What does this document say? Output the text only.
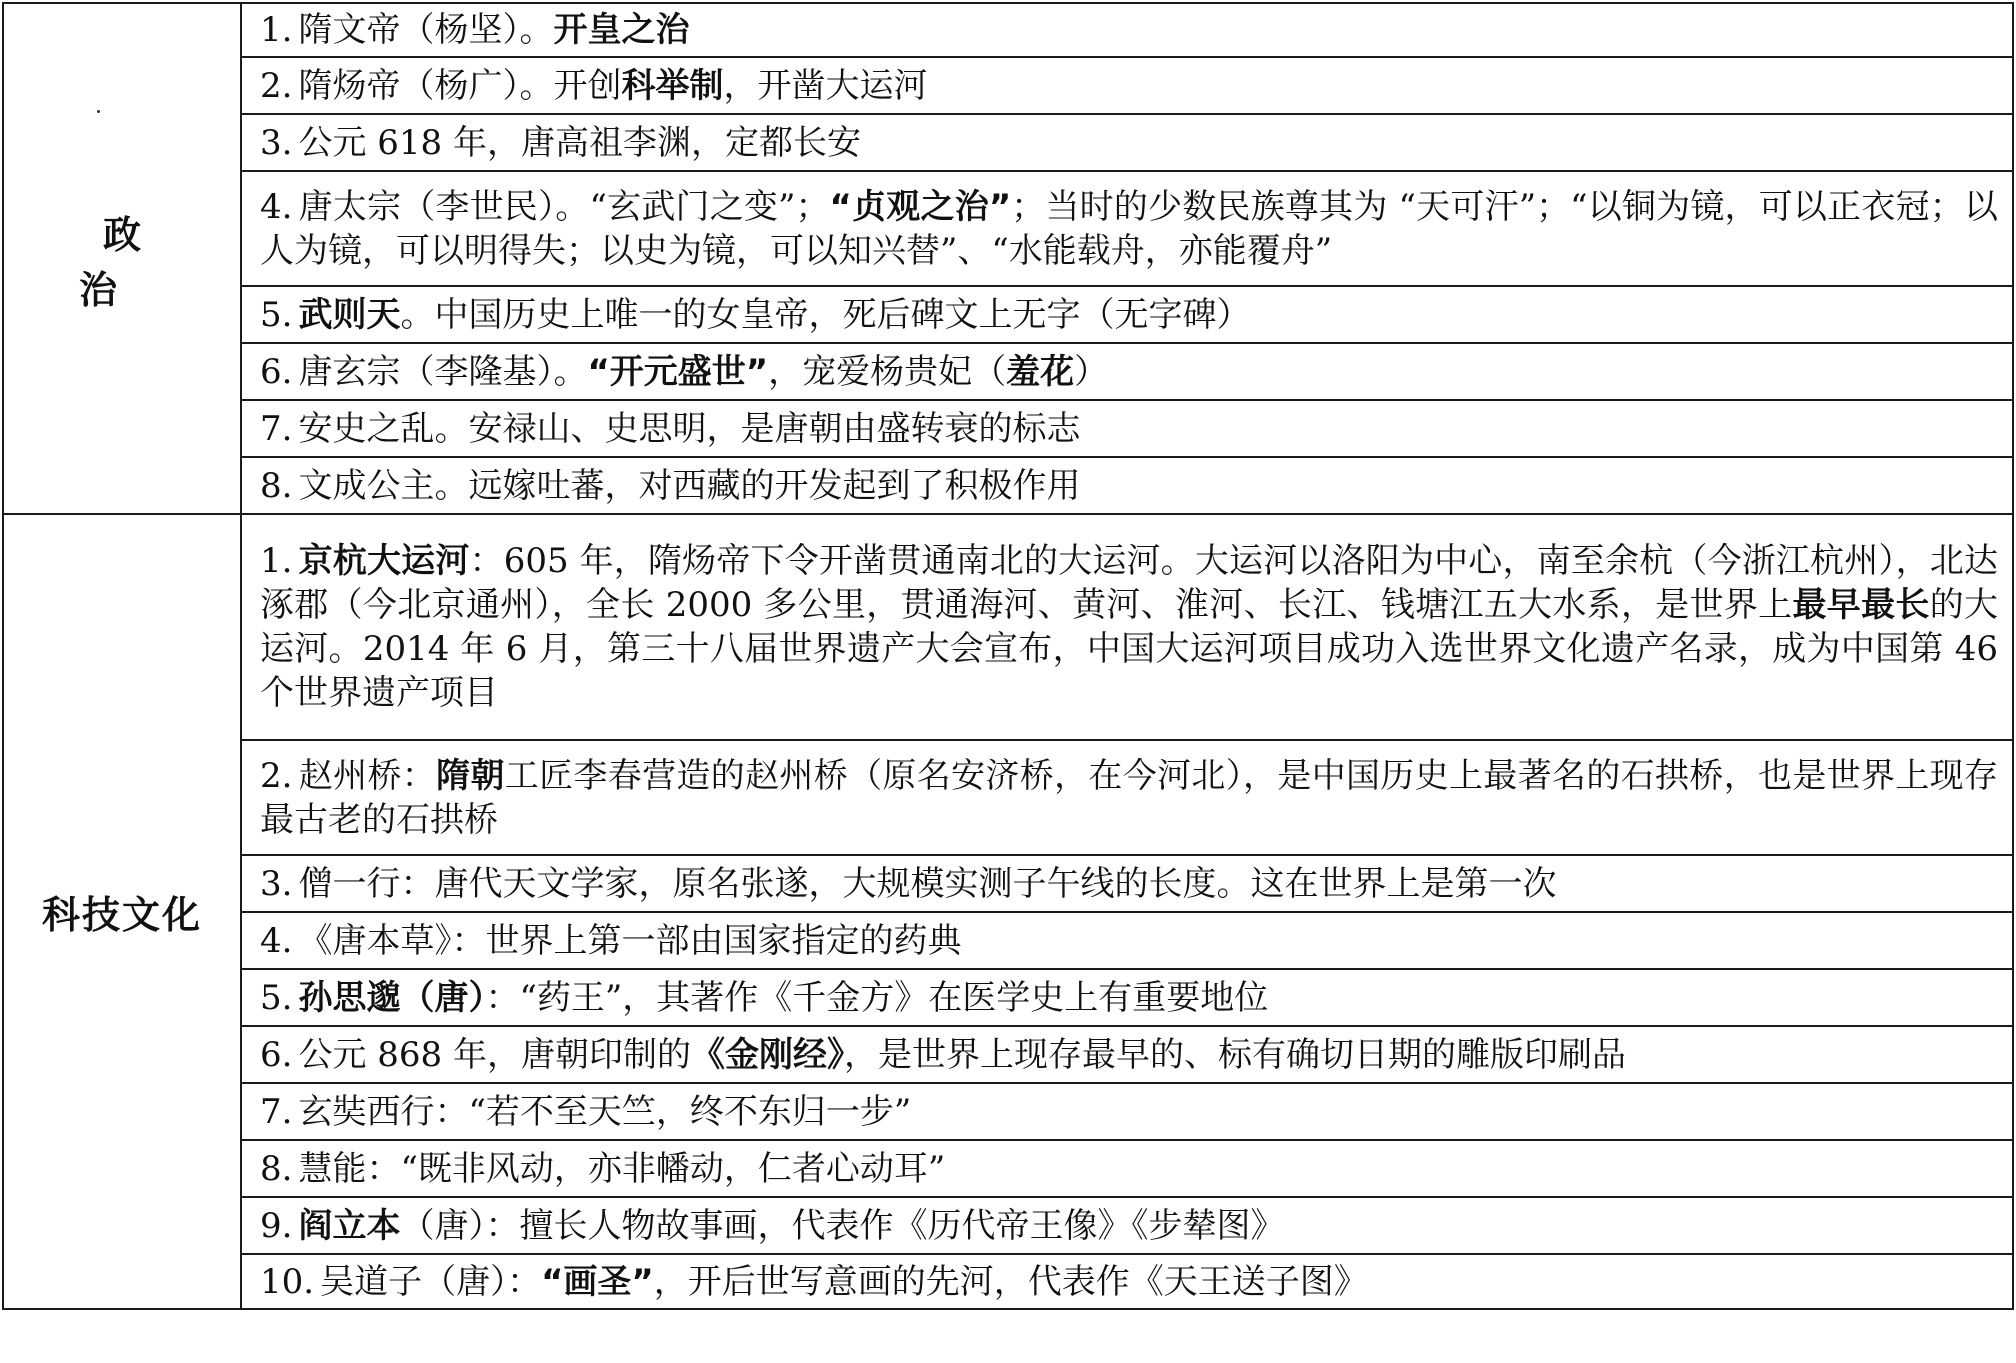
政　治	1. 隋文帝（杨坚）。开皇之治
	2. 隋炀帝（杨广）。开创科举制，开凿大运河
	3. 公元 618 年，唐高祖李渊，定都长安
	4. 唐太宗（李世民）。“玄武门之变”；“贞观之治”；当时的少数民族尊其为 “天可汗”；“以铜为镜，可以正衣冠；以人为镜，可以明得失；以史为镜，可以知兴替”、“水能载舟，亦能覆舟”
	5. 武则天。中国历史上唯一的女皇帝，死后碑文上无字（无字碑）
	6. 唐玄宗（李隆基）。“开元盛世”，宠爱杨贵妃（羞花）
	7. 安史之乱。安禄山、史思明，是唐朝由盛转衰的标志
	8. 文成公主。远嫁吐蕃，对西藏的开发起到了积极作用
科技文化	1. 京杭大运河：605 年，隋炀帝下令开凿贯通南北的大运河。大运河以洛阳为中心，南至余杭（今浙江杭州），北达涿郡（今北京通州），全长 2000 多公里，贯通海河、黄河、淮河、长江、钱塘江五大水系，是世界上最早最长的大运河。2014 年 6 月，第三十八届世界遗产大会宣布，中国大运河项目成功入选世界文化遗产名录，成为中国第 46 个世界遗产项目
	2. 赵州桥：隋朝工匠李春营造的赵州桥（原名安济桥，在今河北），是中国历史上最著名的石拱桥，也是世界上现存最古老的石拱桥
	3. 僧一行：唐代天文学家，原名张遂，大规模实测子午线的长度。这在世界上是第一次
	4. 《唐本草》：世界上第一部由国家指定的药典
	5. 孙思邈（唐）：“药王”，其著作《千金方》在医学史上有重要地位
	6. 公元 868 年，唐朝印制的《金刚经》，是世界上现存最早的、标有确切日期的雕版印刷品
	7. 玄奘西行：“若不至天竺，终不东归一步”
	8. 慧能：“既非风动，亦非幡动，仁者心动耳”
	9. 阎立本（唐）：擅长人物故事画，代表作《历代帝王像》《步辇图》
	10. 吴道子（唐）：“画圣”，开后世写意画的先河，代表作《天王送子图》
